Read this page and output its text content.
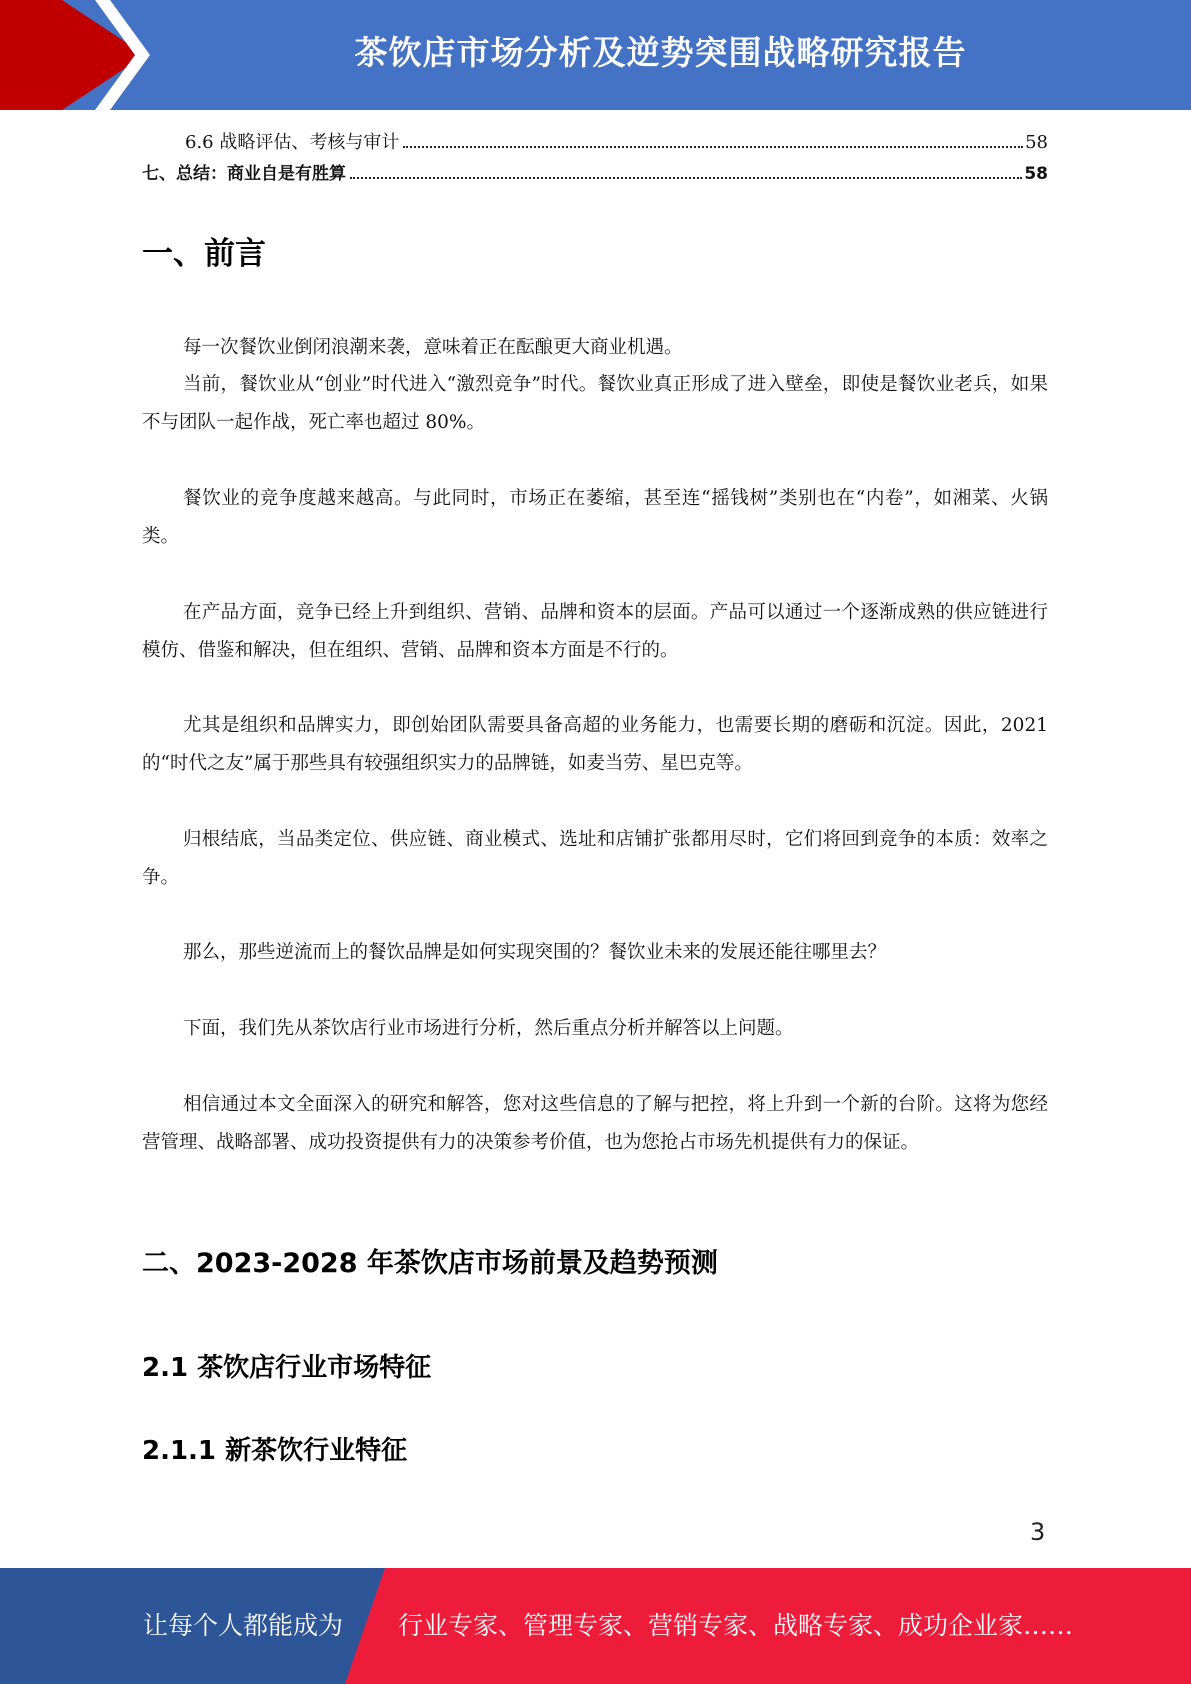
茶饮店市场分析及逆势突围战略研究报告
6.6 战略评估、考核与审计	58
七、总结：商业自是有胜算	58
一、前言
每一次餐饮业倒闭浪潮来袭，意味着正在酝酿更大商业机遇。
当前，餐饮业从“创业”时代进入“激烈竞争”时代。餐饮业真正形成了进入壁垒，即使是餐饮业老兵，如果不与团队一起作战，死亡率也超过 80%。
餐饮业的竞争度越来越高。与此同时，市场正在萎缩，甚至连“摇钱树”类别也在“内卷”，如湘菜、火锅类。
在产品方面，竞争已经上升到组织、营销、品牌和资本的层面。产品可以通过一个逐渐成熟的供应链进行模仿、借鉴和解决，但在组织、营销、品牌和资本方面是不行的。
尤其是组织和品牌实力，即创始团队需要具备高超的业务能力，也需要长期的磨砺和沉淀。因此，2021 的“时代之友”属于那些具有较强组织实力的品牌链，如麦当劳、星巴克等。
归根结底，当品类定位、供应链、商业模式、选址和店铺扩张都用尽时，它们将回到竞争的本质：效率之争。
那么，那些逆流而上的餐饮品牌是如何实现突围的？餐饮业未来的发展还能往哪里去？
下面，我们先从茶饮店行业市场进行分析，然后重点分析并解答以上问题。
相信通过本文全面深入的研究和解答，您对这些信息的了解与把控，将上升到一个新的台阶。这将为您经营管理、战略部署、成功投资提供有力的决策参考价值，也为您抢占市场先机提供有力的保证。
二、2023-2028 年茶饮店市场前景及趋势预测
2.1 茶饮店行业市场特征
2.1.1 新茶饮行业特征
3
让每个人都能成为 行业专家、管理专家、营销专家、战略专家、成功企业家……
